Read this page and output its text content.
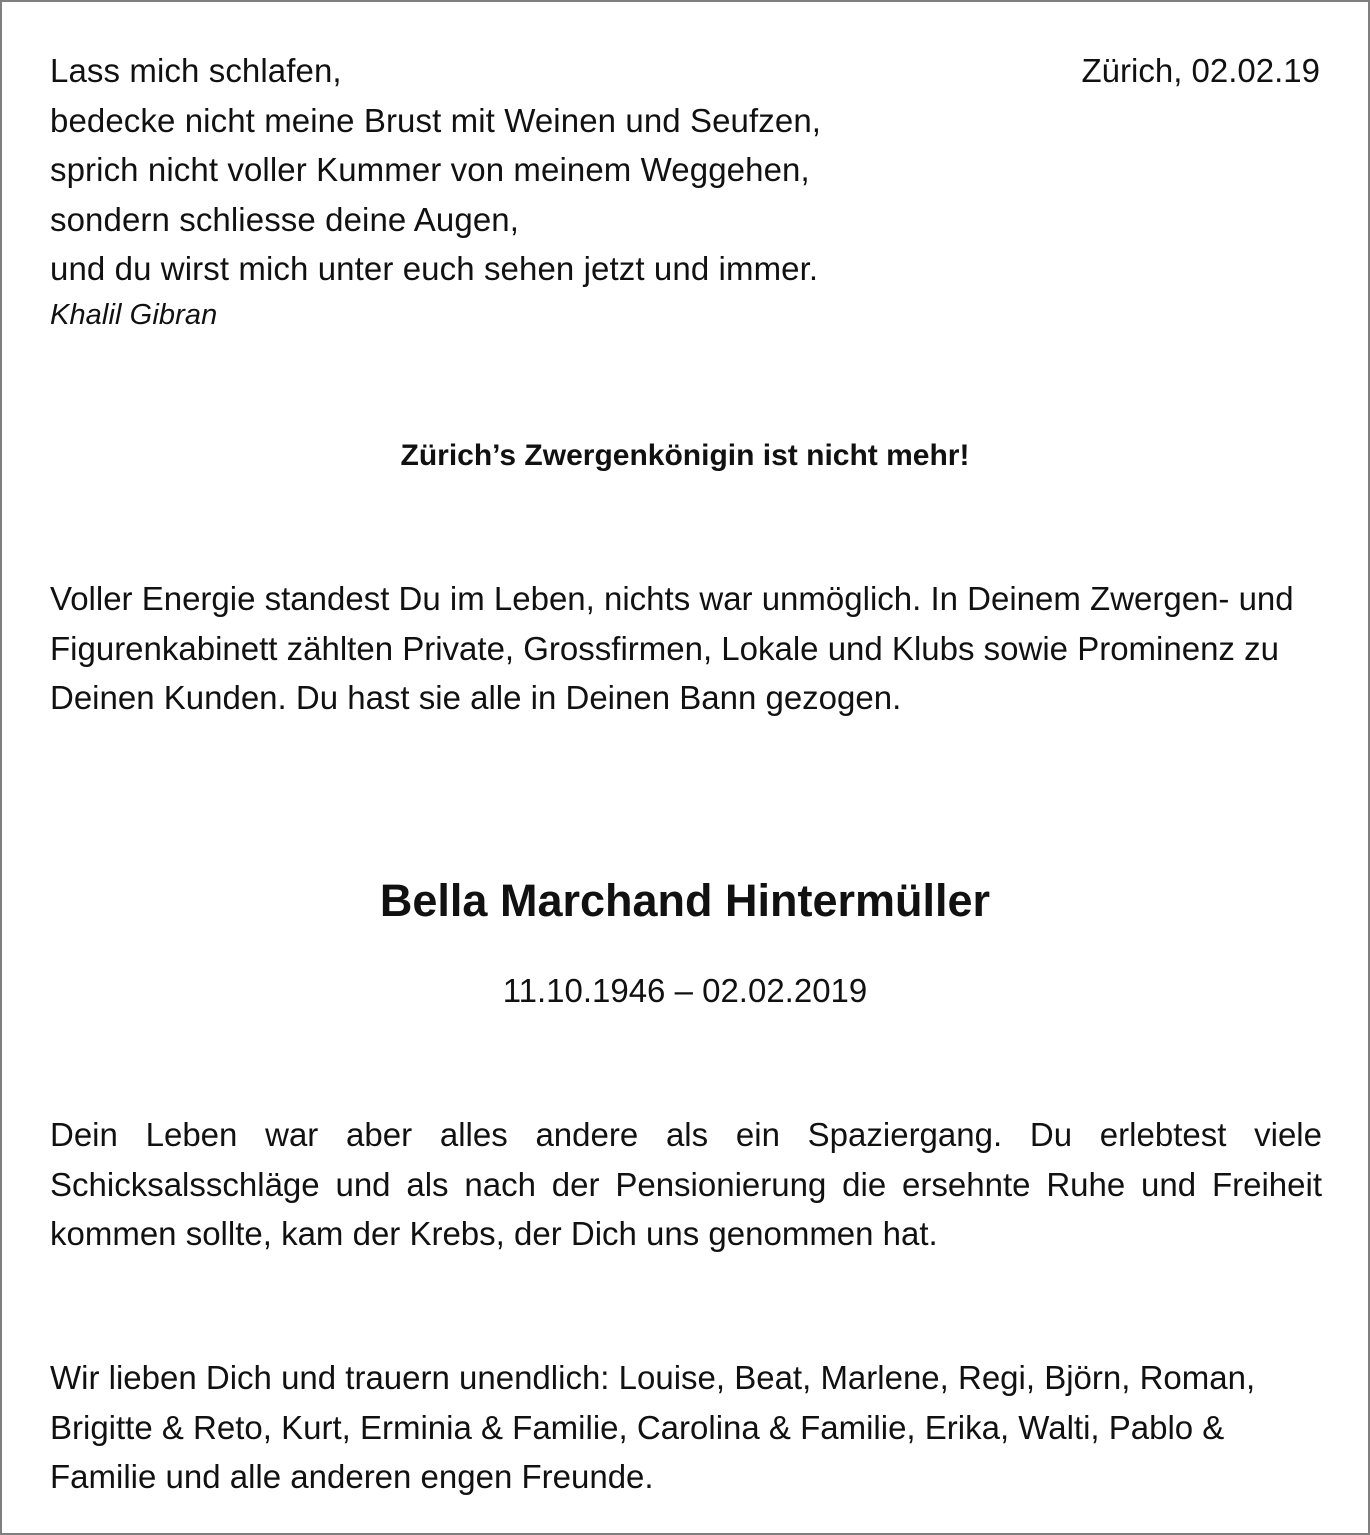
Lass mich schlafen,
bedecke nicht meine Brust mit Weinen und Seufzen,
sprich nicht voller Kummer von meinem Weggehen,
sondern schliesse deine Augen,
und du wirst mich unter euch sehen jetzt und immer.
Khalil Gibran
Zürich, 02.02.19
Zürich’s Zwergenkönigin ist nicht mehr!
Voller Energie standest Du im Leben, nichts war unmöglich. In Deinem Zwergen- und Figurenkabinett zählten Private, Grossfirmen, Lokale und Klubs sowie Prominenz zu Deinen Kunden. Du hast sie alle in Deinen Bann gezogen.
Bella Marchand Hintermüller
11.10.1946 – 02.02.2019
Dein Leben war aber alles andere als ein Spaziergang. Du erlebtest viele Schicksalsschläge und als nach der Pensionierung die ersehnte Ruhe und Freiheit kommen sollte, kam der Krebs, der Dich uns genommen hat.
Wir lieben Dich und trauern unendlich: Louise, Beat, Marlene, Regi, Björn, Roman, Brigitte & Reto, Kurt, Erminia & Familie, Carolina & Familie, Erika, Walti, Pablo & Familie und alle anderen engen Freunde.
